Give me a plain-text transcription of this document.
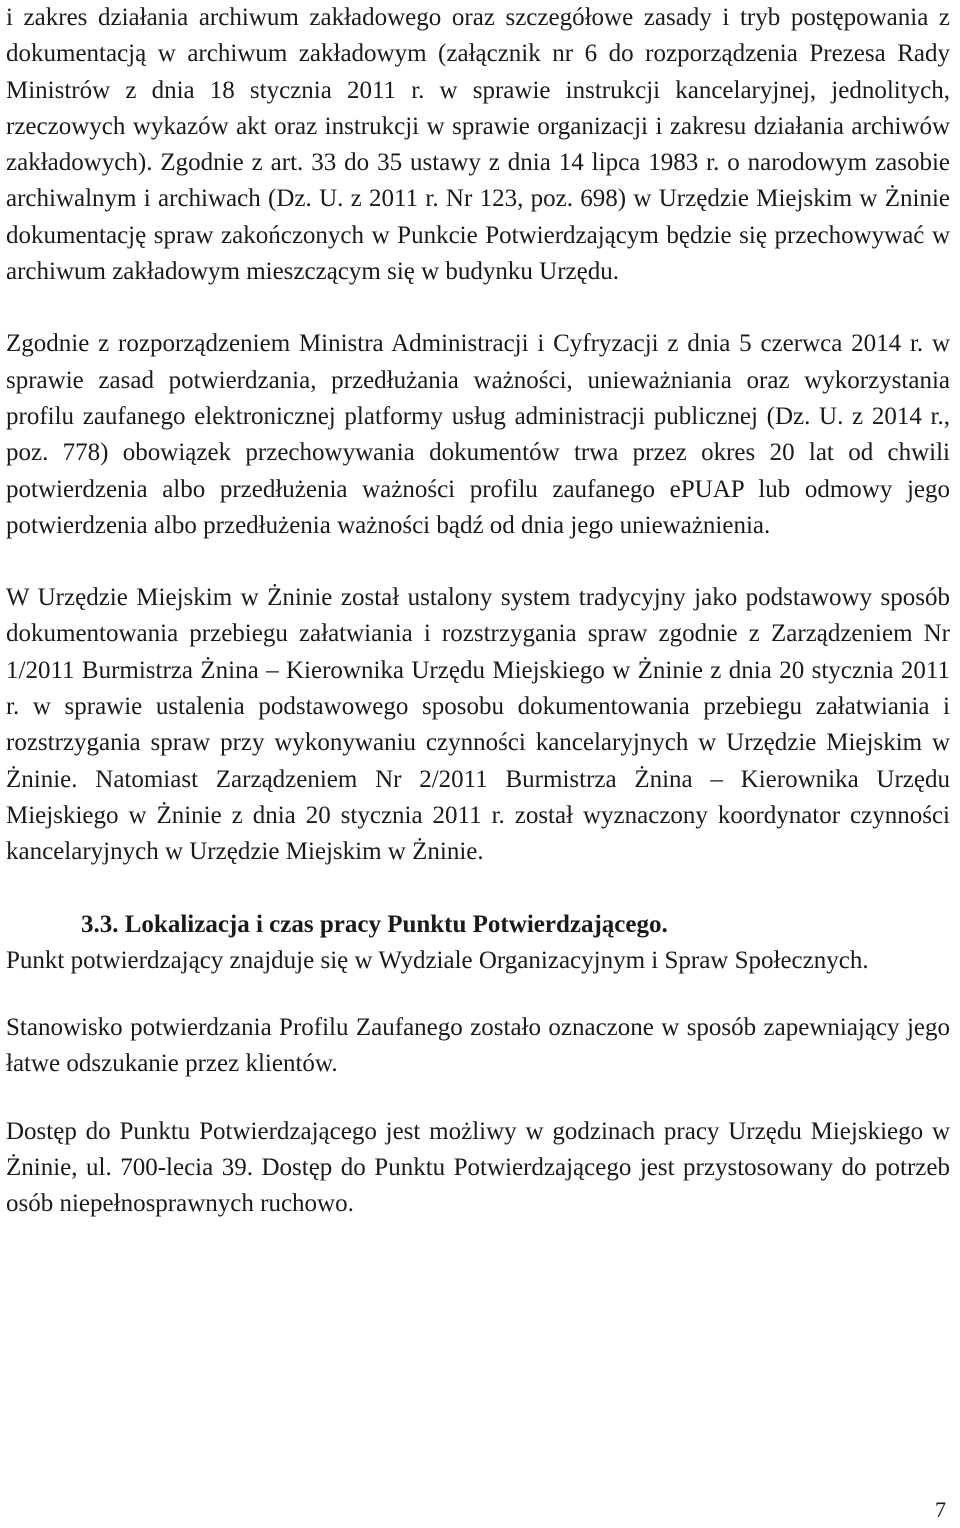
i zakres działania archiwum zakładowego oraz szczegółowe zasady i tryb postępowania z dokumentacją w archiwum zakładowym (załącznik nr 6 do rozporządzenia Prezesa Rady Ministrów z dnia 18 stycznia 2011 r. w sprawie instrukcji kancelaryjnej, jednolitych, rzeczowych wykazów akt oraz instrukcji w sprawie organizacji i zakresu działania archiwów zakładowych). Zgodnie z art. 33 do 35 ustawy z dnia 14 lipca 1983 r. o narodowym zasobie archiwalnym i archiwach (Dz. U. z 2011 r. Nr 123, poz. 698) w Urzędzie Miejskim w Żninie dokumentację spraw zakończonych w Punkcie Potwierdzającym będzie się przechowywać w archiwum zakładowym mieszczącym się w budynku Urzędu.

Zgodnie z rozporządzeniem Ministra Administracji i Cyfryzacji z dnia 5 czerwca 2014 r. w sprawie zasad potwierdzania, przedłużania ważności, unieważniania oraz wykorzystania profilu zaufanego elektronicznej platformy usług administracji publicznej (Dz. U. z 2014 r., poz. 778) obowiązek przechowywania dokumentów trwa przez okres 20 lat od chwili potwierdzenia albo przedłużenia ważności profilu zaufanego ePUAP lub odmowy jego potwierdzenia albo przedłużenia ważności bądź od dnia jego unieważnienia.

W Urzędzie Miejskim w Żninie został ustalony system tradycyjny jako podstawowy sposób dokumentowania przebiegu załatwiania i rozstrzygania spraw zgodnie z Zarządzeniem Nr 1/2011 Burmistrza Żnina – Kierownika Urzędu Miejskiego w Żninie z dnia 20 stycznia 2011 r. w sprawie ustalenia podstawowego sposobu dokumentowania przebiegu załatwiania i rozstrzygania spraw przy wykonywaniu czynności kancelaryjnych w Urzędzie Miejskim w Żninie. Natomiast Zarządzeniem Nr 2/2011 Burmistrza Żnina – Kierownika Urzędu Miejskiego w Żninie z dnia 20 stycznia 2011 r. został wyznaczony koordynator czynności kancelaryjnych w Urzędzie Miejskim w Żninie.

3.3. Lokalizacja i czas pracy Punktu Potwierdzającego.

Punkt potwierdzający znajduje się w Wydziale Organizacyjnym i Spraw Społecznych.

Stanowisko potwierdzania Profilu Zaufanego zostało oznaczone w sposób zapewniający jego łatwe odszukanie przez klientów.

Dostęp do Punktu Potwierdzającego jest możliwy w godzinach pracy Urzędu Miejskiego w Żninie, ul. 700-lecia 39. Dostęp do Punktu Potwierdzającego jest przystosowany do potrzeb osób niepełnosprawnych ruchowo.

7
